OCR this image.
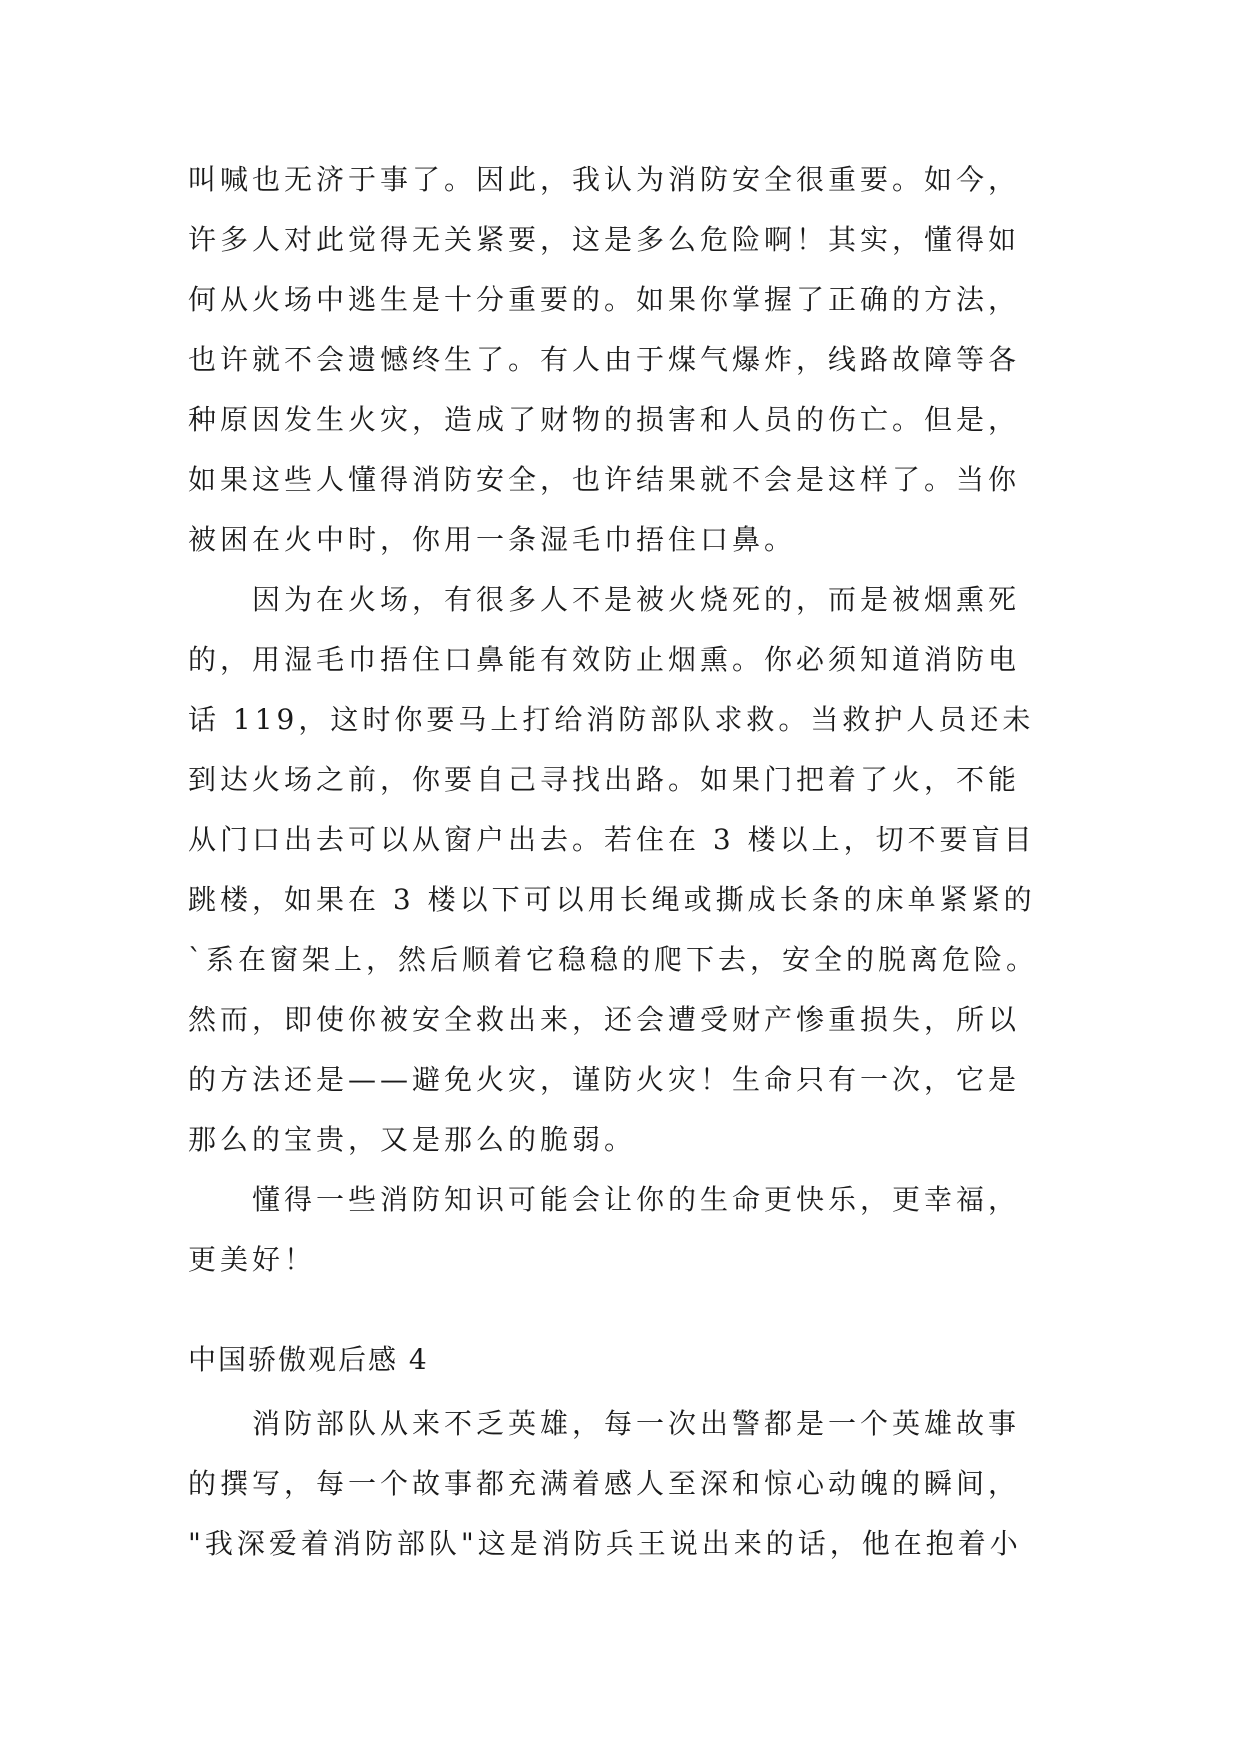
叫喊也无济于事了。因此，我认为消防安全很重要。如今，
许多人对此觉得无关紧要，这是多么危险啊！其实，懂得如
何从火场中逃生是十分重要的。如果你掌握了正确的方法，
也许就不会遗憾终生了。有人由于煤气爆炸，线路故障等各
种原因发生火灾，造成了财物的损害和人员的伤亡。但是，
如果这些人懂得消防安全，也许结果就不会是这样了。当你
被困在火中时，你用一条湿毛巾捂住口鼻。
　　因为在火场，有很多人不是被火烧死的，而是被烟熏死
的，用湿毛巾捂住口鼻能有效防止烟熏。你必须知道消防电
话 119，这时你要马上打给消防部队求救。当救护人员还未
到达火场之前，你要自己寻找出路。如果门把着了火，不能
从门口出去可以从窗户出去。若住在 3 楼以上，切不要盲目
跳楼，如果在 3 楼以下可以用长绳或撕成长条的床单紧紧的
`系在窗架上，然后顺着它稳稳的爬下去，安全的脱离危险。
然而，即使你被安全救出来，还会遭受财产惨重损失，所以
的方法还是——避免火灾，谨防火灾！生命只有一次，它是
那么的宝贵，又是那么的脆弱。
　　懂得一些消防知识可能会让你的生命更快乐，更幸福，
更美好！
中国骄傲观后感 4
　　消防部队从来不乏英雄，每一次出警都是一个英雄故事
的撰写，每一个故事都充满着感人至深和惊心动魄的瞬间，
"我深爱着消防部队"这是消防兵王说出来的话，他在抱着小
